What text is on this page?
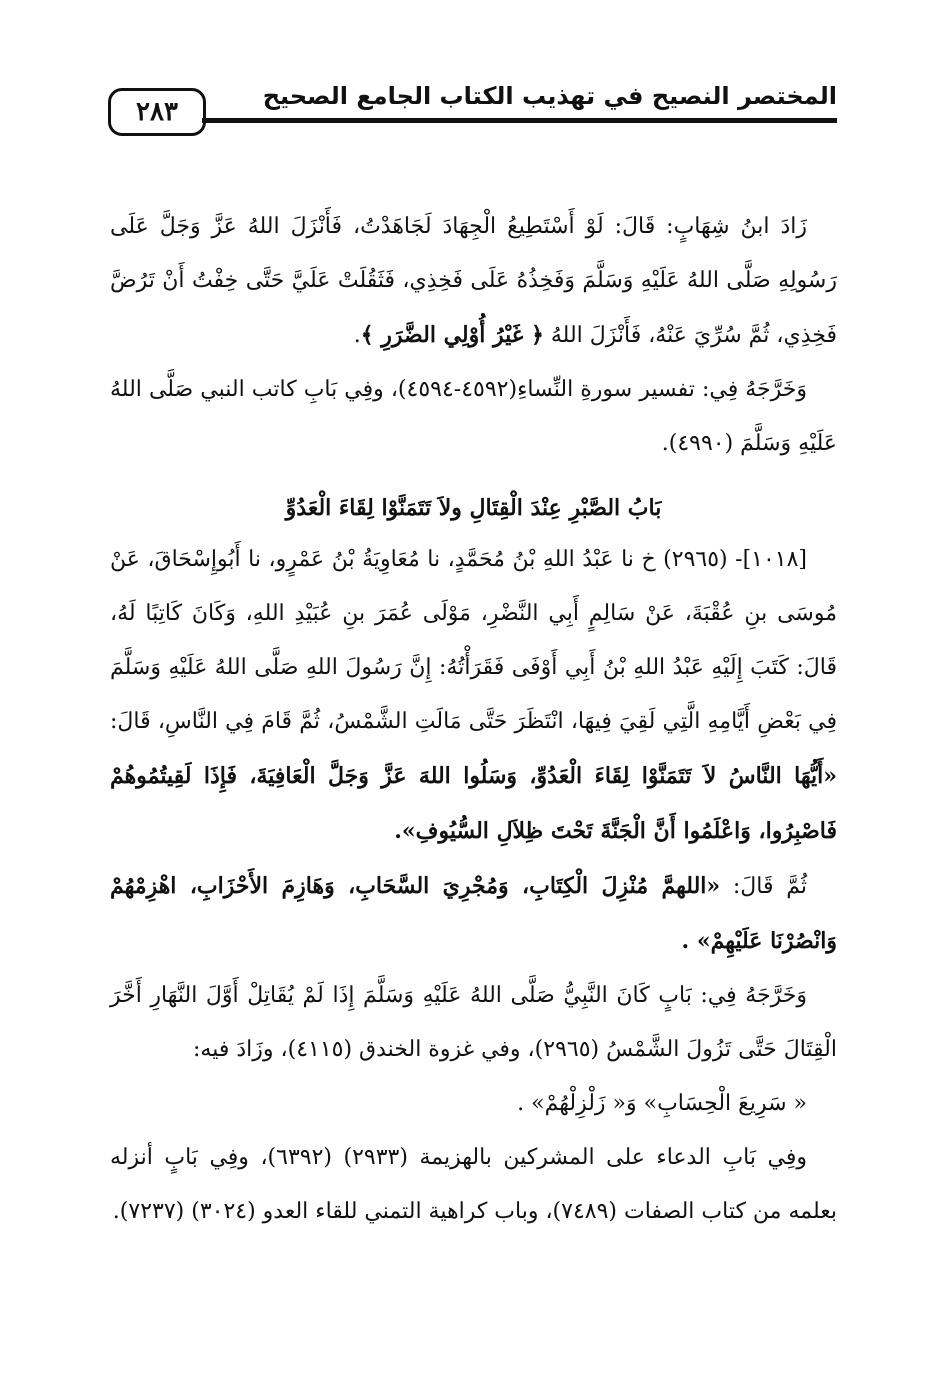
المختصر النصيح في تهذيب الكتاب الجامع الصحيح
٢٨٣

زَادَ ابنُ شِهَابٍ: قَالَ: لَوْ أَسْتَطِيعُ الْجِهَادَ لَجَاهَدْتُ، فَأَنْزَلَ اللهُ عَزَّ وَجَلَّ عَلَى رَسُولِهِ صَلَّى اللهُ عَلَيْهِ وَسَلَّمَ وَفَخِذُهُ عَلَى فَخِذِي، فَثَقُلَتْ عَلَيَّ حَتَّى خِفْتُ أَنْ تَرُضَّ فَخِذِي، ثُمَّ سُرِّيَ عَنْهُ، فَأَنْزَلَ اللهُ ﴿ غَيْرُ أُوْلِي الضَّرَرِ ﴾.

وَخَرَّجَهُ فِي: تفسير سورةِ النِّساءِ(٤٥٩٢-٤٥٩٤)، وفِي بَابِ كاتب النبي صَلَّى اللهُ عَلَيْهِ وَسَلَّمَ (٤٩٩٠).

بَابُ الصَّبْرِ عِنْدَ الْقِتَالِ ولاَ تَتَمَنَّوْا لِقَاءَ الْعَدُوِّ

[١٠١٨]- (٢٩٦٥) خ نا عَبْدُ اللهِ بْنُ مُحَمَّدٍ، نا مُعَاوِيَةُ بْنُ عَمْرٍو، نا أَبُوإِسْحَاقَ، عَنْ مُوسَى بنِ عُقْبَةَ، عَنْ سَالِمٍ أَبِي النَّضْرِ، مَوْلَى عُمَرَ بنِ عُبَيْدِ اللهِ، وَكَانَ كَاتِبًا لَهُ، قَالَ: كَتَبَ إِلَيْهِ عَبْدُ اللهِ بْنُ أَبِي أَوْفَى فَقَرَأْتُهُ: إِنَّ رَسُولَ اللهِ صَلَّى اللهُ عَلَيْهِ وَسَلَّمَ فِي بَعْضِ أَيَّامِهِ الَّتِي لَقِيَ فِيهَا، انْتَظَرَ حَتَّى مَالَتِ الشَّمْسُ، ثُمَّ قَامَ فِي النَّاسِ، قَالَ: «أَيُّهَا النَّاسُ لاَ تَتَمَنَّوْا لِقَاءَ الْعَدُوِّ، وَسَلُوا اللهَ عَزَّ وَجَلَّ الْعَافِيَةَ، فَإِذَا لَقِيتُمُوهُمْ فَاصْبِرُوا، وَاعْلَمُوا أَنَّ الْجَنَّةَ تَحْتَ ظِلاَلِ السُّيُوفِ».

ثُمَّ قَالَ: «اللهمَّ مُنْزِلَ الْكِتَابِ، وَمُجْرِيَ السَّحَابِ، وَهَازِمَ الأَحْزَابِ، اهْزِمْهُمْ وَانْصُرْنَا عَلَيْهِمْ» .

وَخَرَّجَهُ فِي: بَابٍ كَانَ النَّبِيُّ صَلَّى اللهُ عَلَيْهِ وَسَلَّمَ إِذَا لَمْ يُقَاتِلْ أَوَّلَ النَّهَارِ أَخَّرَ الْقِتَالَ حَتَّى تَزُولَ الشَّمْسُ (٢٩٦٥)، وفي غزوة الخندق (٤١١٥)، وزَادَ فيه:

« سَرِيعَ الْحِسَابِ» وَ« زَلْزِلْهُمْ» .

وفِي بَابِ الدعاء على المشركين بالهزيمة (٢٩٣٣) (٦٣٩٢)، وفِي بَابٍ أنزله بعلمه من كتاب الصفات (٧٤٨٩)، وباب كراهية التمني للقاء العدو (٣٠٢٤) (٧٢٣٧).
